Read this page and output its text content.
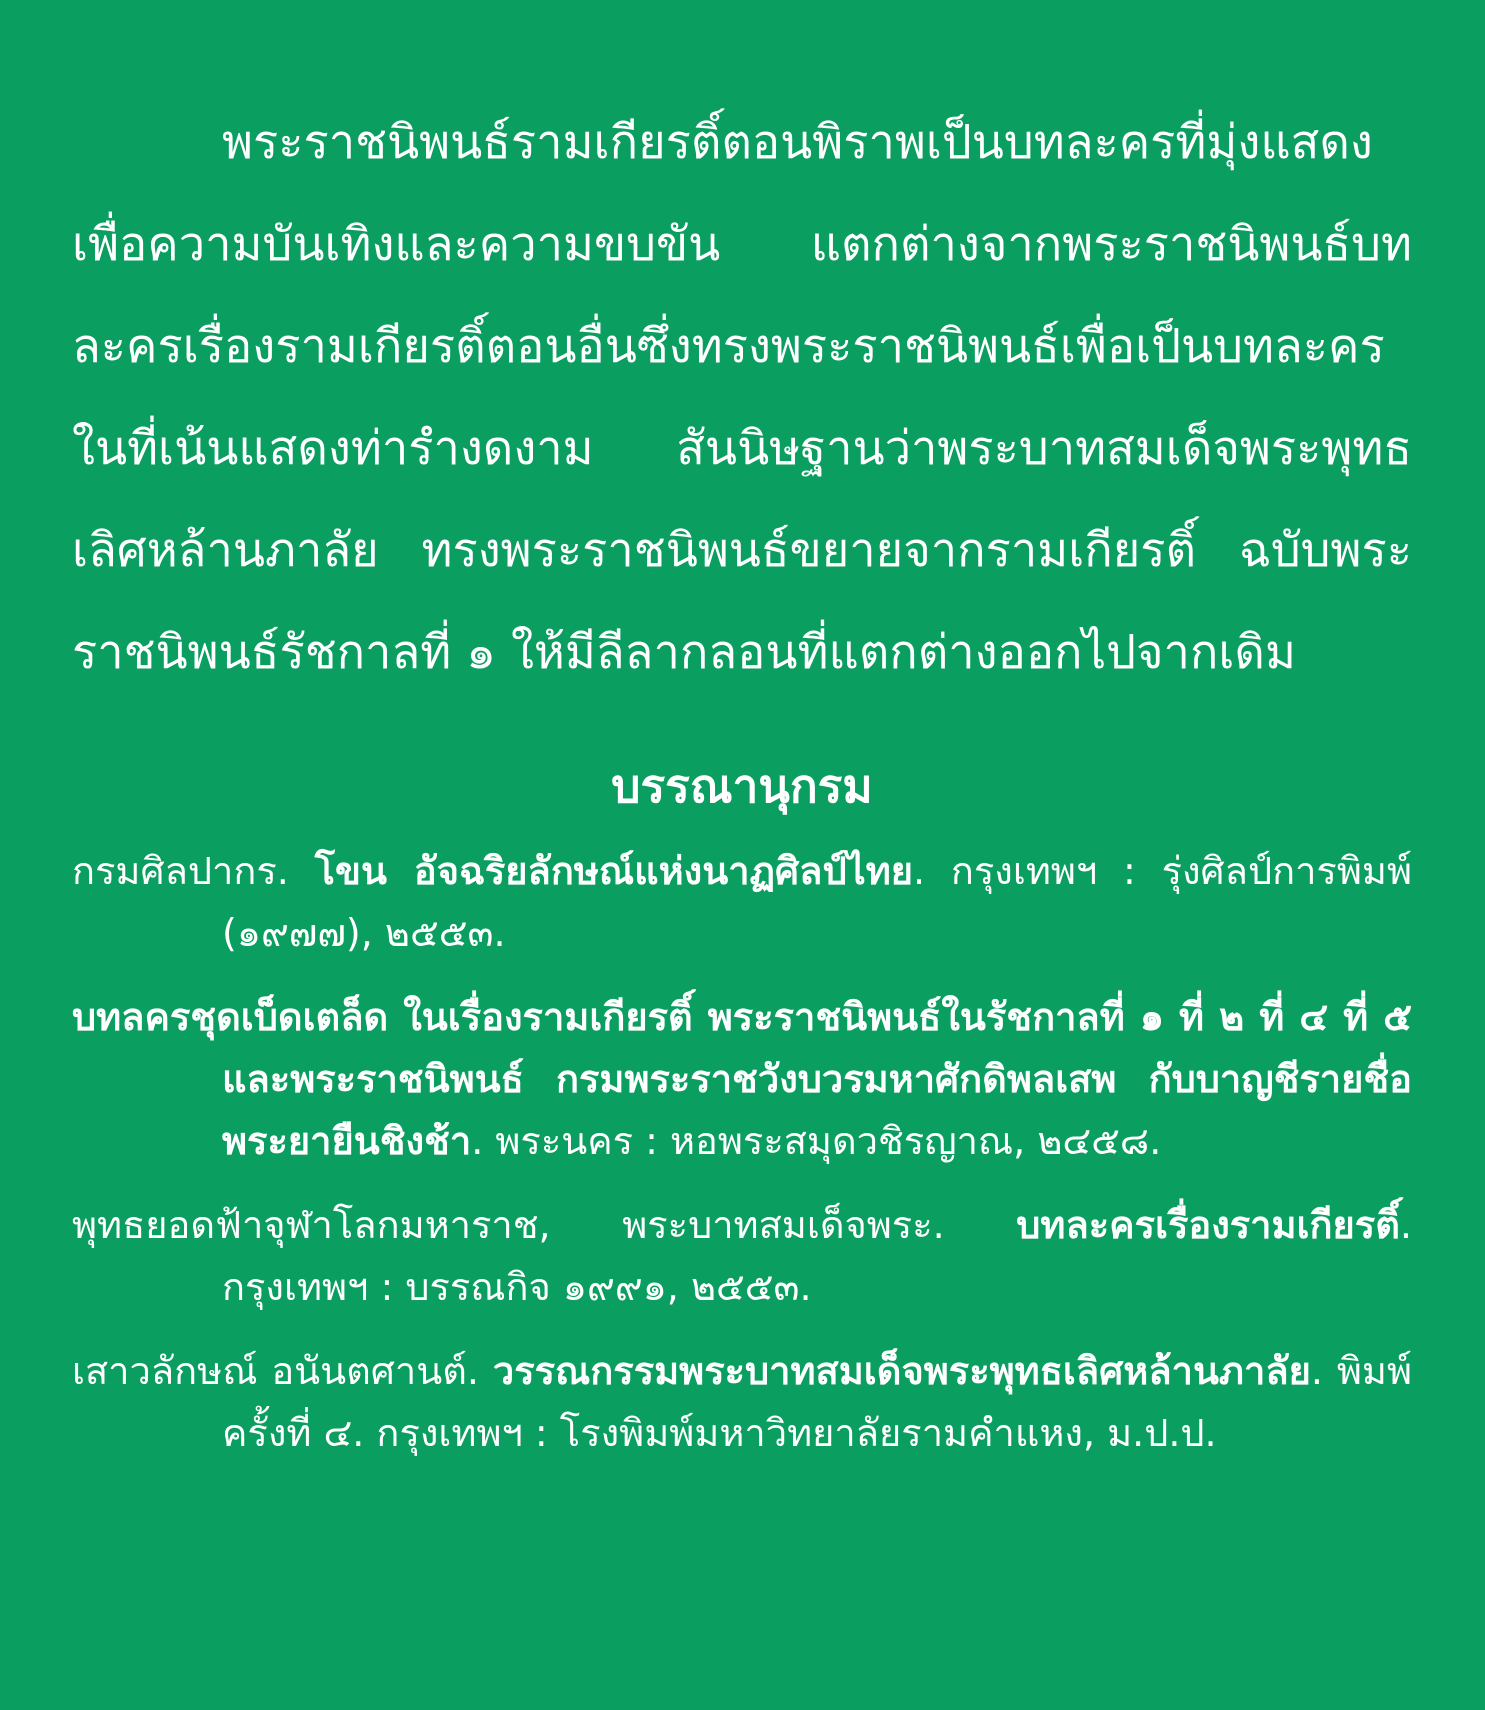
พระราชนิพนธ์รามเกียรติ์ตอนพิราพเป็นบทละครที่มุ่งแสดงเพื่อความบันเทิงและความขบขัน แตกต่างจากพระราชนิพนธ์บทละครเรื่องรามเกียรติ์ตอนอื่นซึ่งทรงพระราชนิพนธ์เพื่อเป็นบทละครในที่เน้นแสดงท่ารำงดงาม สันนิษฐานว่าพระบาทสมเด็จพระพุทธเลิศหล้านภาลัย ทรงพระราชนิพนธ์ขยายจากรามเกียรติ์ ฉบับพระราชนิพนธ์รัชกาลที่ ๑ ให้มีลีลากลอนที่แตกต่างออกไปจากเดิม

บรรณานุกรม
กรมศิลปากร. โขน อัจฉริยลักษณ์แห่งนาฏศิลป์ไทย. กรุงเทพฯ : รุ่งศิลป์การพิมพ์ (๑๙๗๗), ๒๕๕๓.
บทลครชุดเบ็ดเตล็ด ในเรื่องรามเกียรติ์ พระราชนิพนธ์ในรัชกาลที่ ๑ ที่ ๒ ที่ ๔ ที่ ๕ และพระราชนิพนธ์ กรมพระราชวังบวรมหาศักดิพลเสพ กับบาญชีรายชื่อพระยายืนชิงช้า. พระนคร : หอพระสมุดวชิรญาณ, ๒๔๕๘.
พุทธยอดฟ้าจุฬาโลกมหาราช, พระบาทสมเด็จพระ. บทละครเรื่องรามเกียรติ์. กรุงเทพฯ : บรรณกิจ ๑๙๙๑, ๒๕๕๓.
เสาวลักษณ์ อนันตศานต์. วรรณกรรมพระบาทสมเด็จพระพุทธเลิศหล้านภาลัย. พิมพ์ครั้งที่ ๔. กรุงเทพฯ : โรงพิมพ์มหาวิทยาลัยรามคำแหง, ม.ป.ป.
